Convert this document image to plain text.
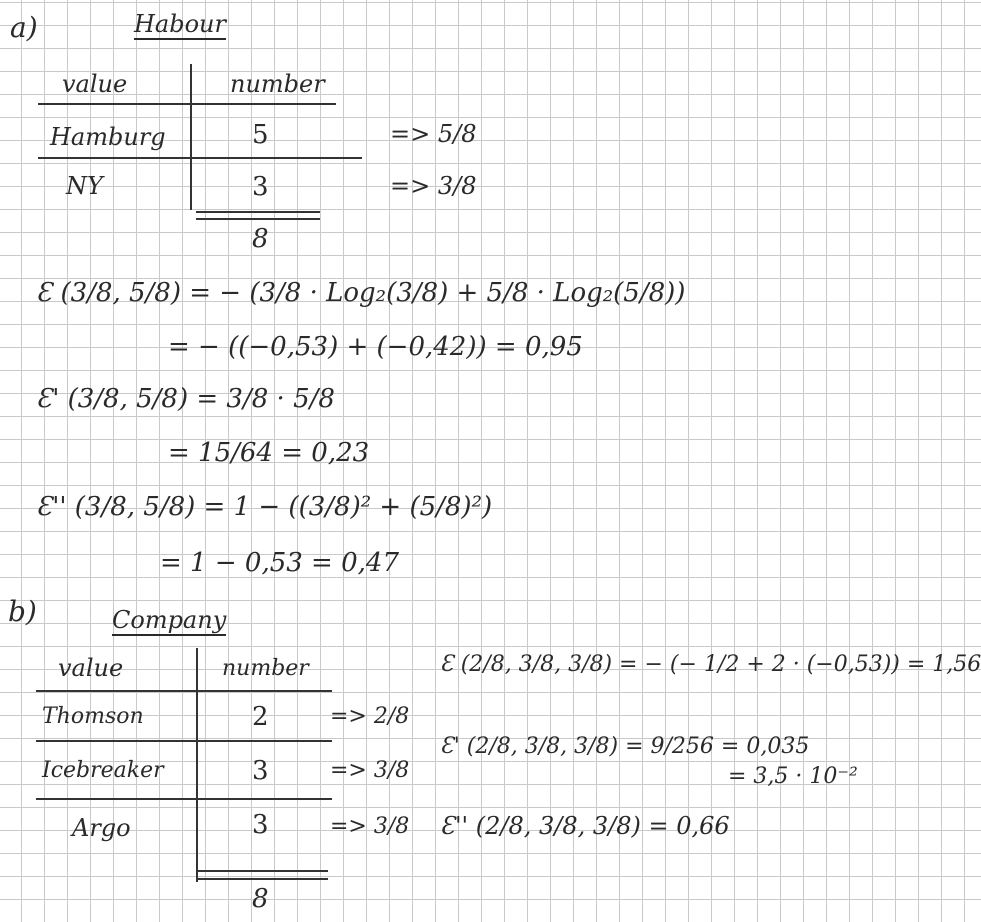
a)	Habour
value	number
Hamburg	5	=> 5/8
NY	3	=> 3/8
8
Ɛ (3/8, 5/8) = − (3/8 · Log₂(3/8) + 5/8 · Log₂(5/8))
= − ((−0,53) + (−0,42)) = 0,95
Ɛ' (3/8, 5/8) = 3/8 · 5/8
= 15/64 = 0,23
Ɛ'' (3/8, 5/8) = 1 − ((3/8)² + (5/8)²)
= 1 − 0,53 = 0,47
b)	Company
value	number
Thomson	2	=> 2/8
Icebreaker	3	=> 3/8
Argo	3	=> 3/8
8
Ɛ (2/8, 3/8, 3/8) = − (− 1/2 + 2 · (−0,53)) = 1,56
Ɛ' (2/8, 3/8, 3/8) = 9/256 = 0,035
= 3,5 · 10⁻²
Ɛ'' (2/8, 3/8, 3/8) = 0,66
